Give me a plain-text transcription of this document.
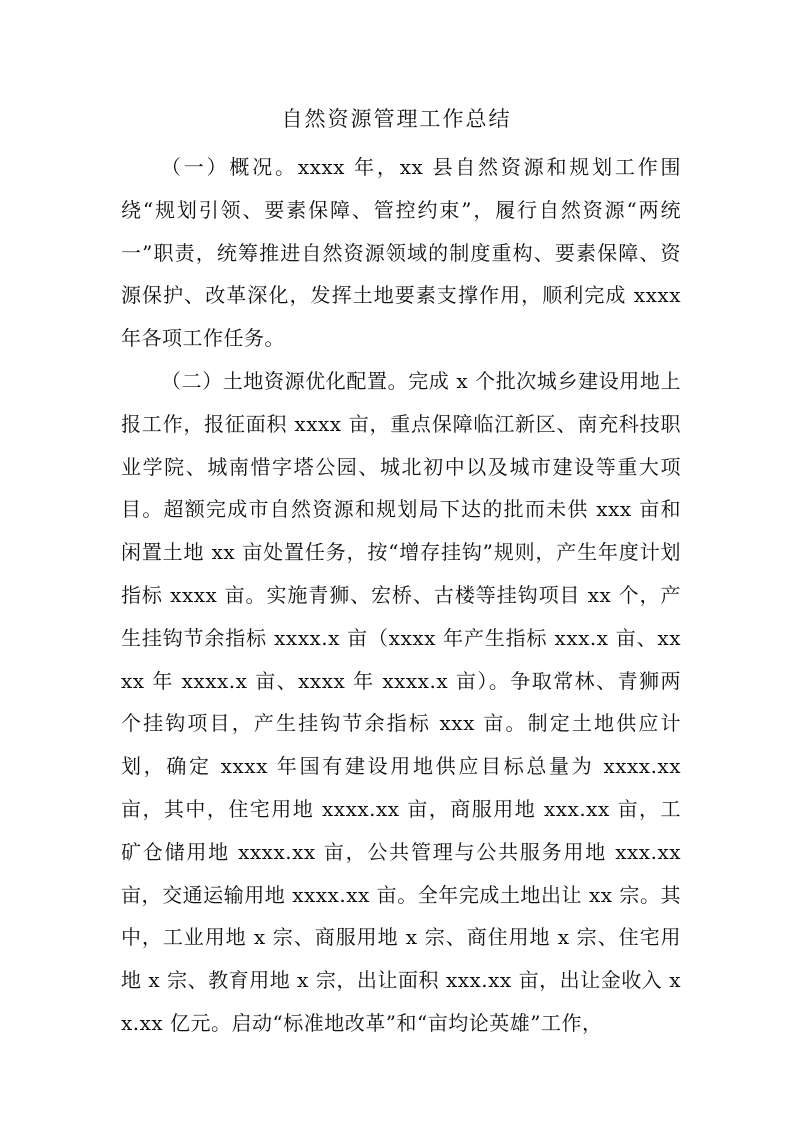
自然资源管理工作总结

（一）概况。xxxx 年，xx 县自然资源和规划工作围绕“规划引领、要素保障、管控约束”，履行自然资源“两统一”职责，统筹推进自然资源领域的制度重构、要素保障、资源保护、改革深化，发挥土地要素支撑作用，顺利完成 xxxx 年各项工作任务。

（二）土地资源优化配置。完成 x 个批次城乡建设用地上报工作，报征面积 xxxx 亩，重点保障临江新区、南充科技职业学院、城南惜字塔公园、城北初中以及城市建设等重大项目。超额完成市自然资源和规划局下达的批而未供 xxx 亩和闲置土地 xx 亩处置任务，按“增存挂钩”规则，产生年度计划指标 xxxx 亩。实施青狮、宏桥、古楼等挂钩项目 xx 个，产生挂钩节余指标 xxxx.x 亩（xxxx 年产生指标 xxx.x 亩、xxxx 年 xxxx.x 亩、xxxx 年 xxxx.x 亩）。争取常林、青狮两个挂钩项目，产生挂钩节余指标 xxx 亩。制定土地供应计划，确定 xxxx 年国有建设用地供应目标总量为 xxxx.xx 亩，其中，住宅用地 xxxx.xx 亩，商服用地 xxx.xx 亩，工矿仓储用地 xxxx.xx 亩，公共管理与公共服务用地 xxx.xx 亩，交通运输用地 xxxx.xx 亩。全年完成土地出让 xx 宗。其中，工业用地 x 宗、商服用地 x 宗、商住用地 x 宗、住宅用地 x 宗、教育用地 x 宗，出让面积 xxx.xx 亩，出让金收入 xx.xx 亿元。启动“标准地改革”和“亩均论英雄”工作，
